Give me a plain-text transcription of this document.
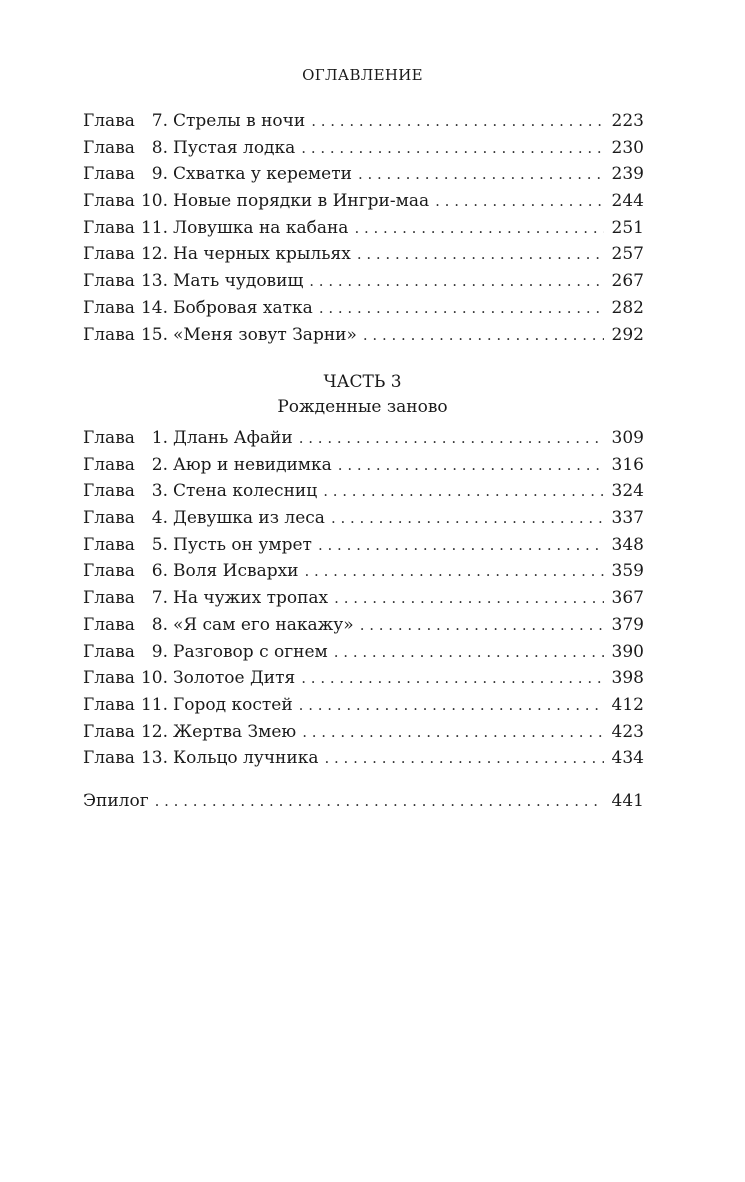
ОГЛАВЛЕНИЕ
Глава 7. Стрелы в ночи . . .	223
Глава 8. Пустая лодка . . .	230
Глава 9. Схватка у керемети . . .	239
Глава 10. Новые порядки в Ингри-маа . . .	244
Глава 11. Ловушка на кабана . . .	251
Глава 12. На черных крыльях . . .	257
Глава 13. Мать чудовищ . . .	267
Глава 14. Бобровая хатка . . .	282
Глава 15. «Меня зовут Зарни» . . .	292
ЧАСТЬ 3
Рожденные заново
Глава 1. Длань Афайи . . .	309
Глава 2. Аюр и невидимка . . .	316
Глава 3. Стена колесниц . . .	324
Глава 4. Девушка из леса . . .	337
Глава 5. Пусть он умрет . . .	348
Глава 6. Воля Исвархи . . .	359
Глава 7. На чужих тропах . . .	367
Глава 8. «Я сам его накажу» . . .	379
Глава 9. Разговор с огнем . . .	390
Глава 10. Золотое Дитя . . .	398
Глава 11. Город костей . . .	412
Глава 12. Жертва Змею . . .	423
Глава 13. Кольцо лучника . . .	434
Эпилог . . .	441
